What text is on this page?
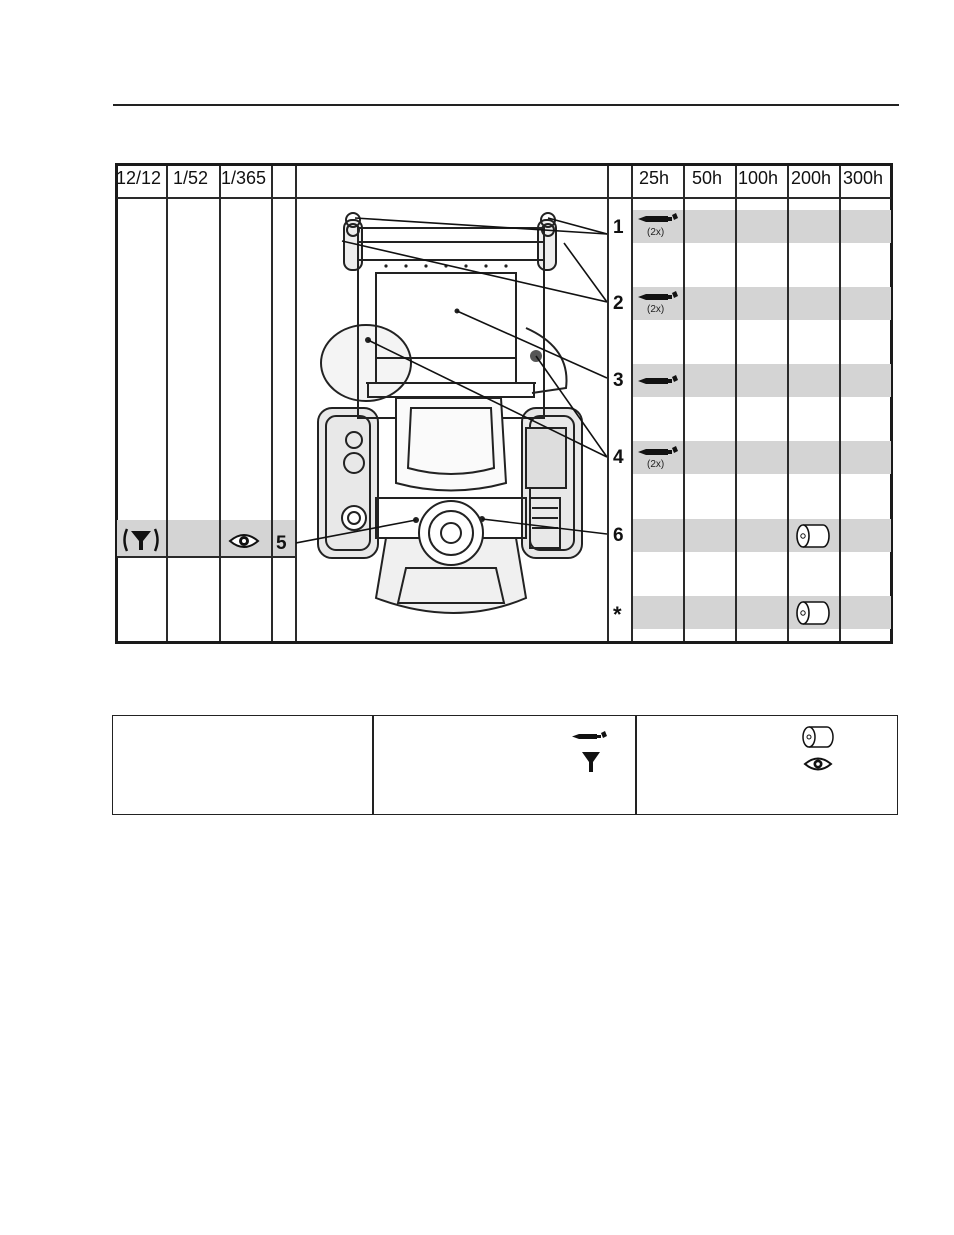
12/12 1/52 1/365	25h 50h 100h 200h 300h
1
2
3
4
5	6
*
(2x)
(2x)
(2x)
